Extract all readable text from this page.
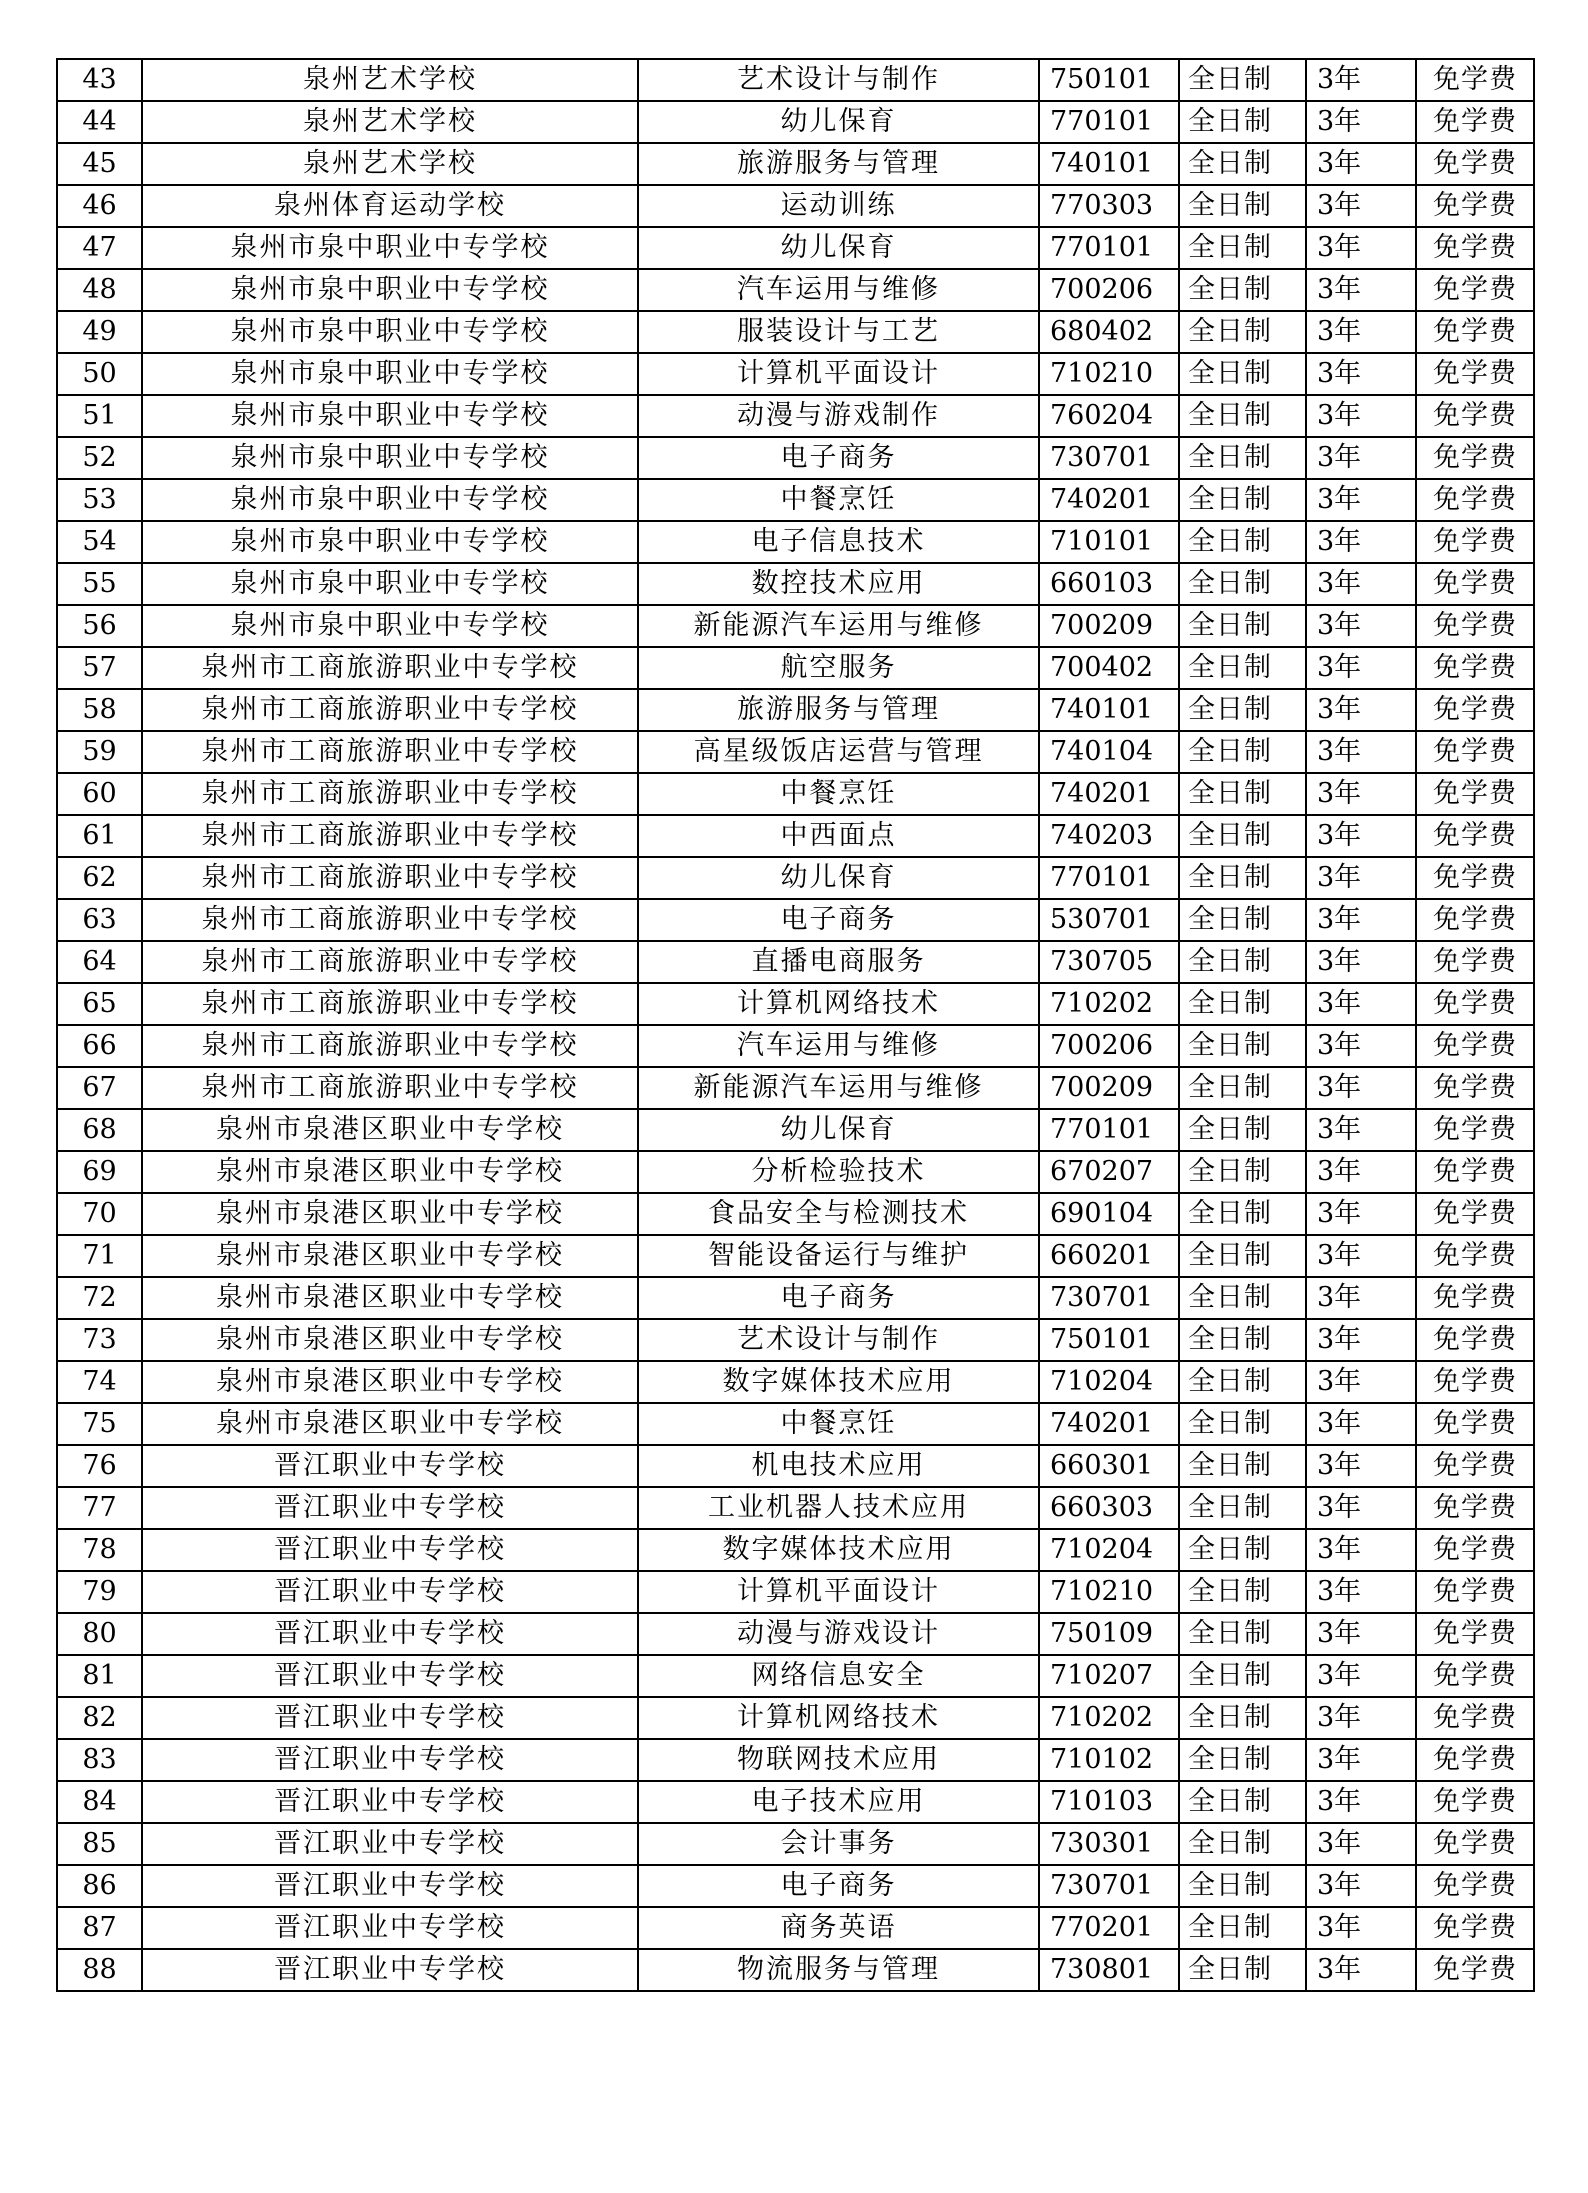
43	泉州艺术学校	艺术设计与制作	750101	全日制	3年	免学费
44	泉州艺术学校	幼儿保育	770101	全日制	3年	免学费
45	泉州艺术学校	旅游服务与管理	740101	全日制	3年	免学费
46	泉州体育运动学校	运动训练	770303	全日制	3年	免学费
47	泉州市泉中职业中专学校	幼儿保育	770101	全日制	3年	免学费
48	泉州市泉中职业中专学校	汽车运用与维修	700206	全日制	3年	免学费
49	泉州市泉中职业中专学校	服装设计与工艺	680402	全日制	3年	免学费
50	泉州市泉中职业中专学校	计算机平面设计	710210	全日制	3年	免学费
51	泉州市泉中职业中专学校	动漫与游戏制作	760204	全日制	3年	免学费
52	泉州市泉中职业中专学校	电子商务	730701	全日制	3年	免学费
53	泉州市泉中职业中专学校	中餐烹饪	740201	全日制	3年	免学费
54	泉州市泉中职业中专学校	电子信息技术	710101	全日制	3年	免学费
55	泉州市泉中职业中专学校	数控技术应用	660103	全日制	3年	免学费
56	泉州市泉中职业中专学校	新能源汽车运用与维修	700209	全日制	3年	免学费
57	泉州市工商旅游职业中专学校	航空服务	700402	全日制	3年	免学费
58	泉州市工商旅游职业中专学校	旅游服务与管理	740101	全日制	3年	免学费
59	泉州市工商旅游职业中专学校	高星级饭店运营与管理	740104	全日制	3年	免学费
60	泉州市工商旅游职业中专学校	中餐烹饪	740201	全日制	3年	免学费
61	泉州市工商旅游职业中专学校	中西面点	740203	全日制	3年	免学费
62	泉州市工商旅游职业中专学校	幼儿保育	770101	全日制	3年	免学费
63	泉州市工商旅游职业中专学校	电子商务	530701	全日制	3年	免学费
64	泉州市工商旅游职业中专学校	直播电商服务	730705	全日制	3年	免学费
65	泉州市工商旅游职业中专学校	计算机网络技术	710202	全日制	3年	免学费
66	泉州市工商旅游职业中专学校	汽车运用与维修	700206	全日制	3年	免学费
67	泉州市工商旅游职业中专学校	新能源汽车运用与维修	700209	全日制	3年	免学费
68	泉州市泉港区职业中专学校	幼儿保育	770101	全日制	3年	免学费
69	泉州市泉港区职业中专学校	分析检验技术	670207	全日制	3年	免学费
70	泉州市泉港区职业中专学校	食品安全与检测技术	690104	全日制	3年	免学费
71	泉州市泉港区职业中专学校	智能设备运行与维护	660201	全日制	3年	免学费
72	泉州市泉港区职业中专学校	电子商务	730701	全日制	3年	免学费
73	泉州市泉港区职业中专学校	艺术设计与制作	750101	全日制	3年	免学费
74	泉州市泉港区职业中专学校	数字媒体技术应用	710204	全日制	3年	免学费
75	泉州市泉港区职业中专学校	中餐烹饪	740201	全日制	3年	免学费
76	晋江职业中专学校	机电技术应用	660301	全日制	3年	免学费
77	晋江职业中专学校	工业机器人技术应用	660303	全日制	3年	免学费
78	晋江职业中专学校	数字媒体技术应用	710204	全日制	3年	免学费
79	晋江职业中专学校	计算机平面设计	710210	全日制	3年	免学费
80	晋江职业中专学校	动漫与游戏设计	750109	全日制	3年	免学费
81	晋江职业中专学校	网络信息安全	710207	全日制	3年	免学费
82	晋江职业中专学校	计算机网络技术	710202	全日制	3年	免学费
83	晋江职业中专学校	物联网技术应用	710102	全日制	3年	免学费
84	晋江职业中专学校	电子技术应用	710103	全日制	3年	免学费
85	晋江职业中专学校	会计事务	730301	全日制	3年	免学费
86	晋江职业中专学校	电子商务	730701	全日制	3年	免学费
87	晋江职业中专学校	商务英语	770201	全日制	3年	免学费
88	晋江职业中专学校	物流服务与管理	730801	全日制	3年	免学费
